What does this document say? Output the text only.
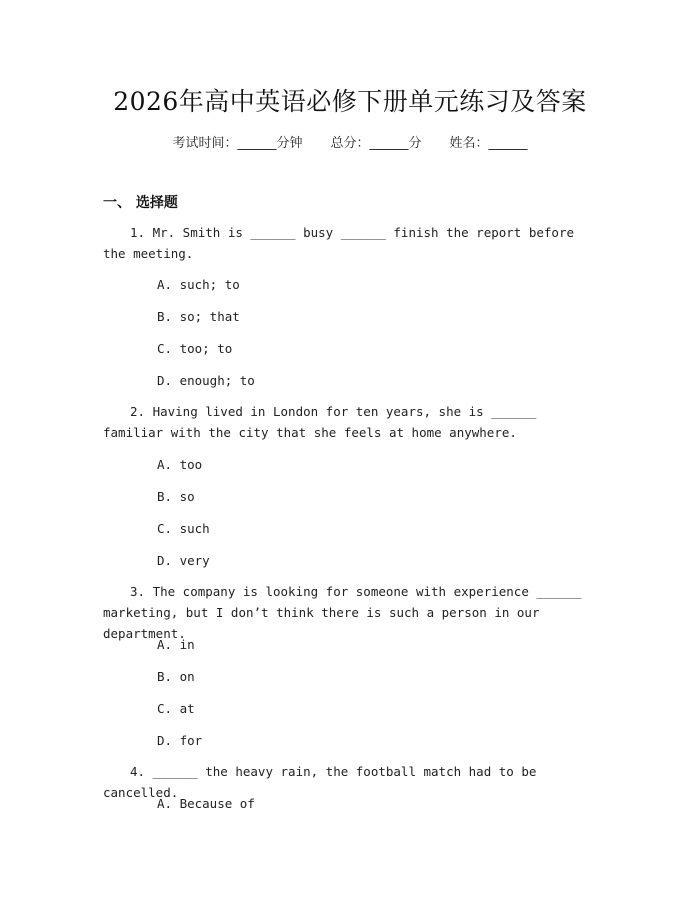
2026年高中英语必修下册单元练习及答案
考试时间：______分钟 总分：______分 姓名：______
一、 选择题
1. Mr. Smith is ______ busy ______ finish the report before the meeting.
A. such; to
B. so; that
C. too; to
D. enough; to
2. Having lived in London for ten years, she is ______ familiar with the city that she feels at home anywhere.
A. too
B. so
C. such
D. very
3. The company is looking for someone with experience ______ marketing, but I don’t think there is such a person in our department.
A. in
B. on
C. at
D. for
4. ______ the heavy rain, the football match had to be cancelled.
A. Because of
